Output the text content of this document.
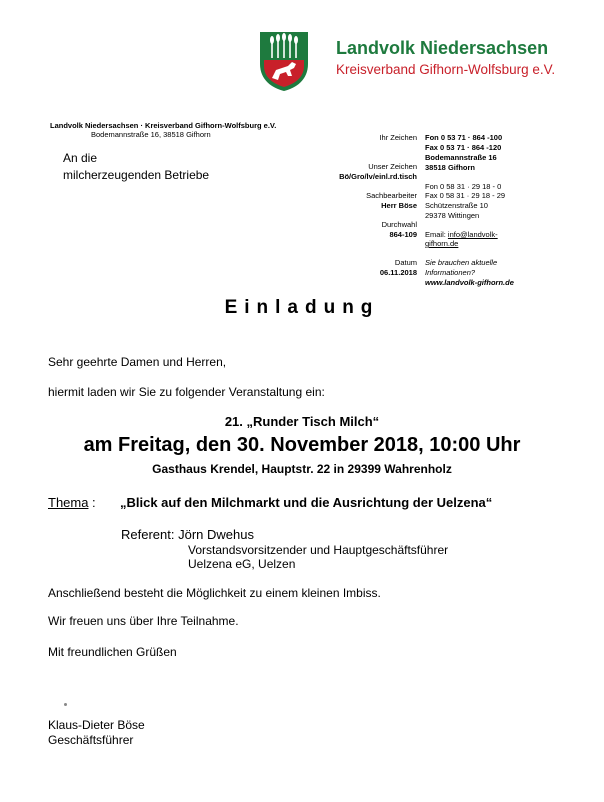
Landvolk Niedersachsen
Kreisverband Gifhorn-Wolfsburg e.V.
Landvolk Niedersachsen · Kreisverband Gifhorn-Wolfsburg e.V.
Bodemannstraße 16, 38518 Gifhorn
An die
milcherzeugenden Betriebe
Ihr Zeichen
Unser Zeichen
Bö/Gro/lv/einl.rd.tisch
Sachbearbeiter
Herr Böse
Durchwahl
864-109
Datum
06.11.2018
Fon 0 53 71 · 864 -100
Fax 0 53 71 · 864 -120
Bodemannstraße 16
38518 Gifhorn
Fon 0 58 31 · 29 18 - 0
Fax 0 58 31 · 29 18 - 29
Schützenstraße 10
29378 Wittingen
Email: info@landvolk-
gifhorn.de
Sie brauchen aktuelle
Informationen?
www.landvolk-gifhorn.de
Einladung
Sehr geehrte Damen und Herren,
hiermit laden wir Sie zu folgender Veranstaltung ein:
21. „Runder Tisch Milch“
am Freitag, den 30. November 2018, 10:00 Uhr
Gasthaus Krendel, Hauptstr. 22 in 29399 Wahrenholz
Thema : „Blick auf den Milchmarkt und die Ausrichtung der Uelzena“
Referent: Jörn Dwehus
Vorstandsvorsitzender und Hauptgeschäftsführer
Uelzena eG, Uelzen
Anschließend besteht die Möglichkeit zu einem kleinen Imbiss.
Wir freuen uns über Ihre Teilnahme.
Mit freundlichen Grüßen
Klaus-Dieter Böse
Geschäftsführer
